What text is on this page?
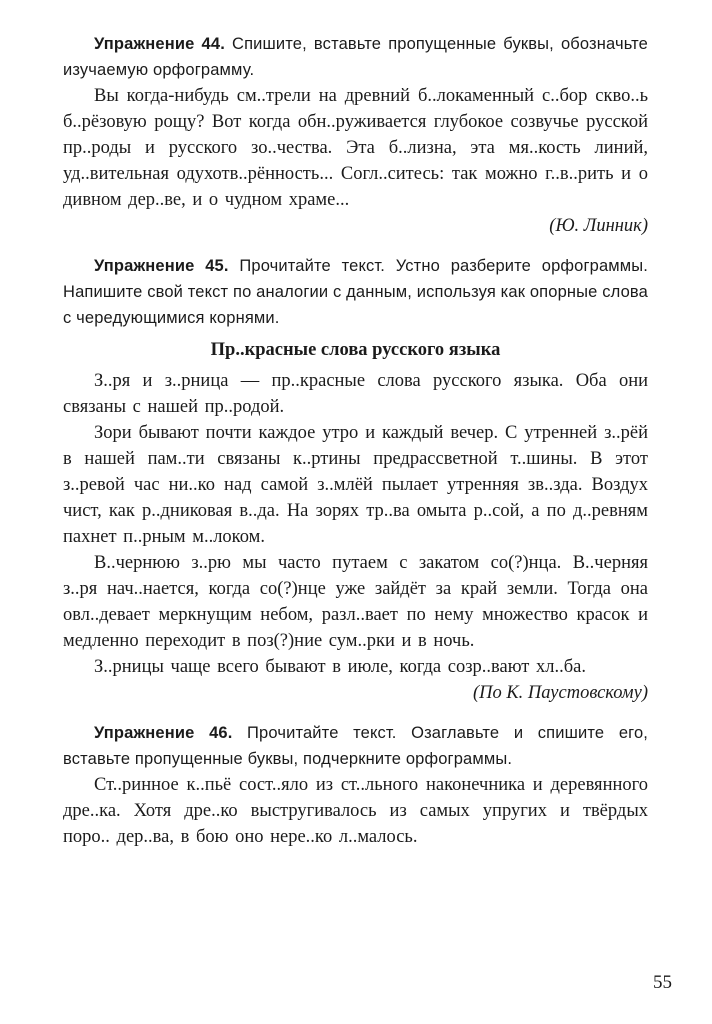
Упражнение 44. Спишите, вставьте пропущенные буквы, обозначьте изучаемую орфограмму.

Вы когда-нибудь см..трели на древний б..локаменный с..бор скво..ь б..рёзовую рощу? Вот когда обн..руживается глубокое созвучье русской пр..роды и русского зо..чества. Эта б..лизна, эта мя..кость линий, уд..вительная одухотв..рённость... Согл..ситесь: так можно г..в..рить и о дивном дер..ве, и о чудном храме...

(Ю. Линник)

Упражнение 45. Прочитайте текст. Устно разберите орфограммы. Напишите свой текст по аналогии с данным, используя как опорные слова с чередующимися корнями.

Пр..красные слова русского языка

З..ря и з..рница — пр..красные слова русского языка. Оба они связаны с нашей пр..родой.

Зори бывают почти каждое утро и каждый вечер. С утренней з..рёй в нашей пам..ти связаны к..ртины предрассветной т..шины. В этот з..ревой час ни..ко над самой з..млёй пылает утренняя зв..зда. Воздух чист, как р..дниковая в..да. На зорях тр..ва омыта р..сой, а по д..ревням пахнет п..рным м..локом.

В..чернюю з..рю мы часто путаем с закатом со(?)нца. В..черняя з..ря нач..нается, когда со(?)нце уже зайдёт за край земли. Тогда она овл..девает меркнущим небом, разл..вает по нему множество красок и медленно переходит в поз(?)ние сум..рки и в ночь.

З..рницы чаще всего бывают в июле, когда созр..вают хл..ба.

(По К. Паустовскому)

Упражнение 46. Прочитайте текст. Озаглавьте и спишите его, вставьте пропущенные буквы, подчеркните орфограммы.

Ст..ринное к..пьё сост..яло из ст..льного наконечника и деревянного дре..ка. Хотя дре..ко выстругивалось из самых упругих и твёрдых поро.. дер..ва, в бою оно нере..ко л..малось.

55
